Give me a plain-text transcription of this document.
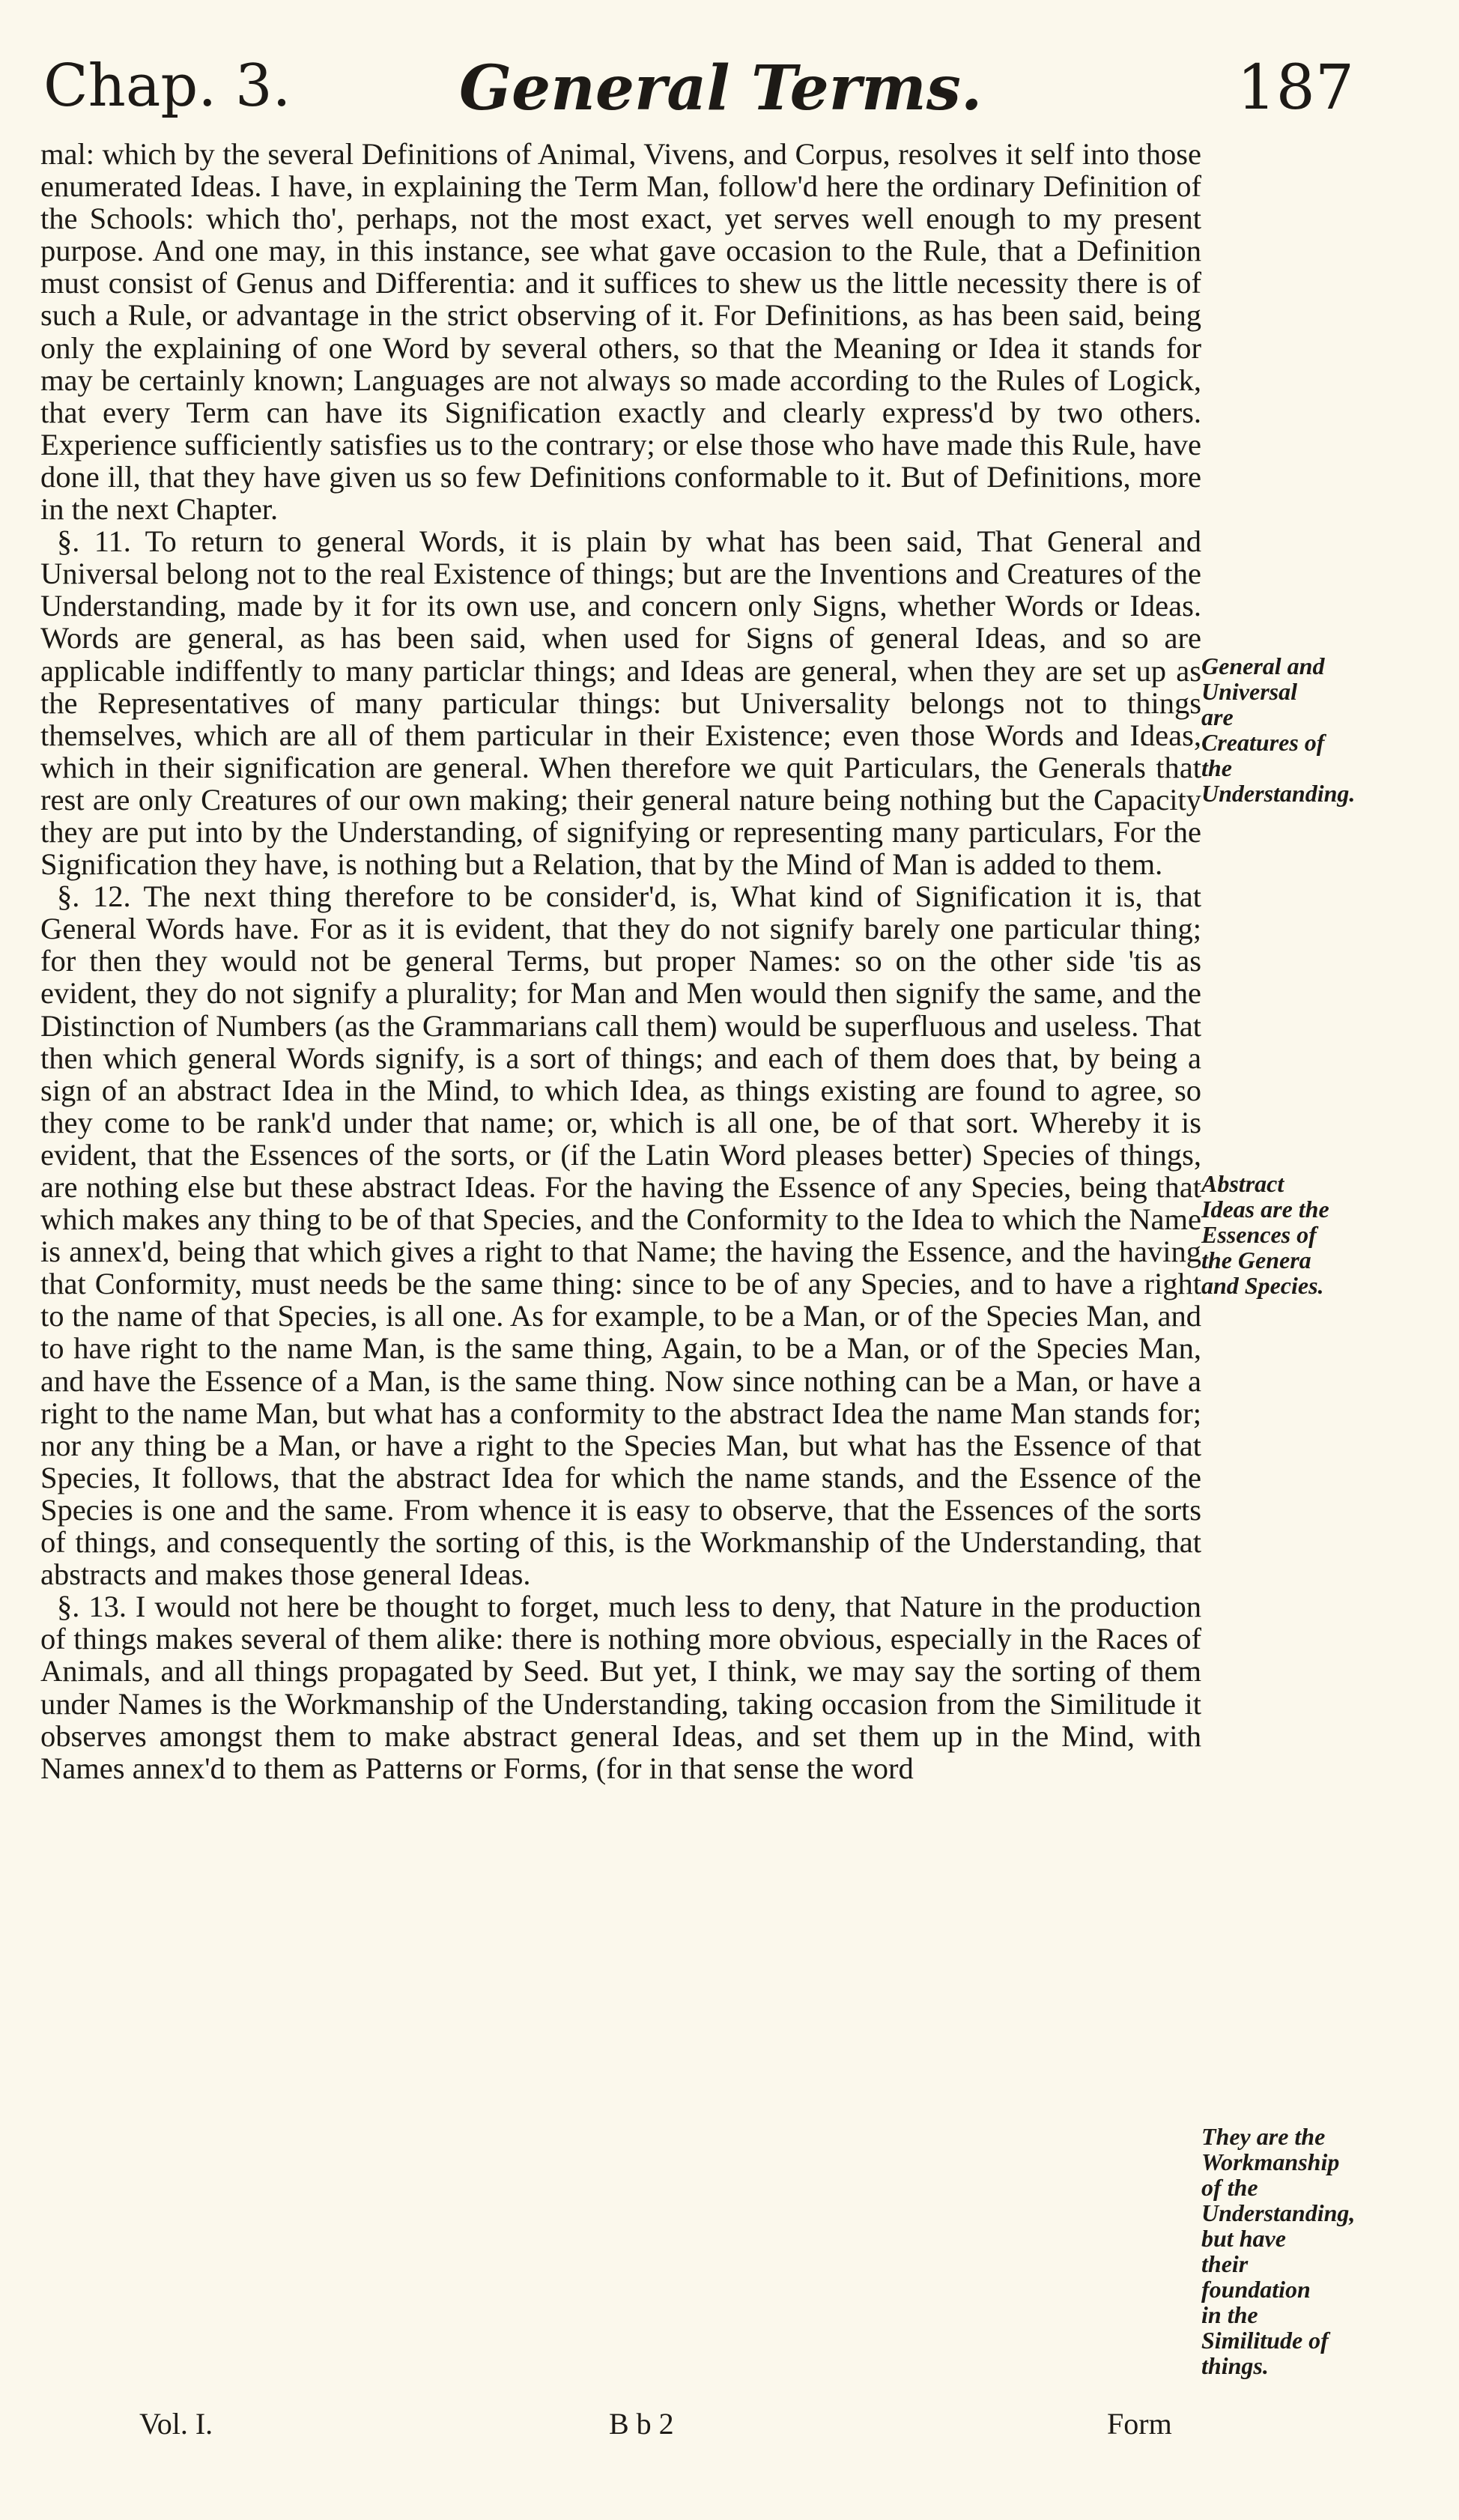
Chap. 3.	General Terms.	187

mal: which by the several Definitions of Animal, Vivens, and Corpus, resolves it self into those enumerated Ideas. I have, in explaining the Term Man, follow'd here the ordinary Definition of the Schools: which tho', perhaps, not the most exact, yet serves well enough to my present purpose. And one may, in this instance, see what gave occasion to the Rule, that a Definition must consist of Genus and Differentia: and it suffices to shew us the little necessity there is of such a Rule, or advantage in the strict observing of it. For Definitions, as has been said, being only the explaining of one Word by several others, so that the Meaning or Idea it stands for may be certainly known; Languages are not always so made according to the Rules of Logick, that every Term can have its Signification exactly and clearly express'd by two others. Experience sufficiently satisfies us to the contrary; or else those who have made this Rule, have done ill, that they have given us so few Definitions conformable to it. But of Definitions, more in the next Chapter.

§. 11. To return to general Words, it is plain by what has been said, That General and Universal belong not to the real Existence of things; but are the Inventions and Creatures of the Understanding, made by it for its own use, and concern only Signs, whether Words or Ideas. Words are general, as has been said, when used for Signs of general Ideas, and so are applicable indiffently to many particlar things; and Ideas are general, when they are set up as the Representatives of many particular things: but Universality belongs not to things themselves, which are all of them particular in their Existence; even those Words and Ideas, which in their signification are general. When therefore we quit Particulars, the Generals that rest are only Creatures of our own making; their general nature being nothing but the Capacity they are put into by the Understanding, of signifying or representing many particulars, For the Signification they have, is nothing but a Relation, that by the Mind of Man is added to them.

§. 12. The next thing therefore to be consider'd, is, What kind of Signification it is, that General Words have. For as it is evident, that they do not signify barely one particular thing; for then they would not be general Terms, but proper Names: so on the other side 'tis as evident, they do not signify a plurality; for Man and Men would then signify the same, and the Distinction of Numbers (as the Grammarians call them) would be superfluous and useless. That then which general Words signify, is a sort of things; and each of them does that, by being a sign of an abstract Idea in the Mind, to which Idea, as things existing are found to agree, so they come to be rank'd under that name; or, which is all one, be of that sort. Whereby it is evident, that the Essences of the sorts, or (if the Latin Word pleases better) Species of things, are nothing else but these abstract Ideas. For the having the Essence of any Species, being that which makes any thing to be of that Species, and the Conformity to the Idea to which the Name is annex'd, being that which gives a right to that Name; the having the Essence, and the having that Conformity, must needs be the same thing: since to be of any Species, and to have a right to the name of that Species, is all one. As for example, to be a Man, or of the Species Man, and to have right to the name Man, is the same thing, Again, to be a Man, or of the Species Man, and have the Essence of a Man, is the same thing. Now since nothing can be a Man, or have a right to the name Man, but what has a conformity to the abstract Idea the name Man stands for; nor any thing be a Man, or have a right to the Species Man, but what has the Essence of that Species, It follows, that the abstract Idea for which the name stands, and the Essence of the Species is one and the same. From whence it is easy to observe, that the Essences of the sorts of things, and consequently the sorting of this, is the Workmanship of the Understanding, that abstracts and makes those general Ideas.

§. 13. I would not here be thought to forget, much less to deny, that Nature in the production of things makes several of them alike: there is nothing more obvious, especially in the Races of Animals, and all things propagated by Seed. But yet, I think, we may say the sorting of them under Names is the Workmanship of the Understanding, taking occasion from the Similitude it observes amongst them to make abstract general Ideas, and set them up in the Mind, with Names annex'd to them as Patterns or Forms, (for in that sense the word

General and Universal are Creatures of the Understanding.
Abstract Ideas are the Essences of the Genera and Species.
They are the Workmanship of the Understanding, but have their foundation in the Similitude of things.
Vol. I.	B b 2	Form
